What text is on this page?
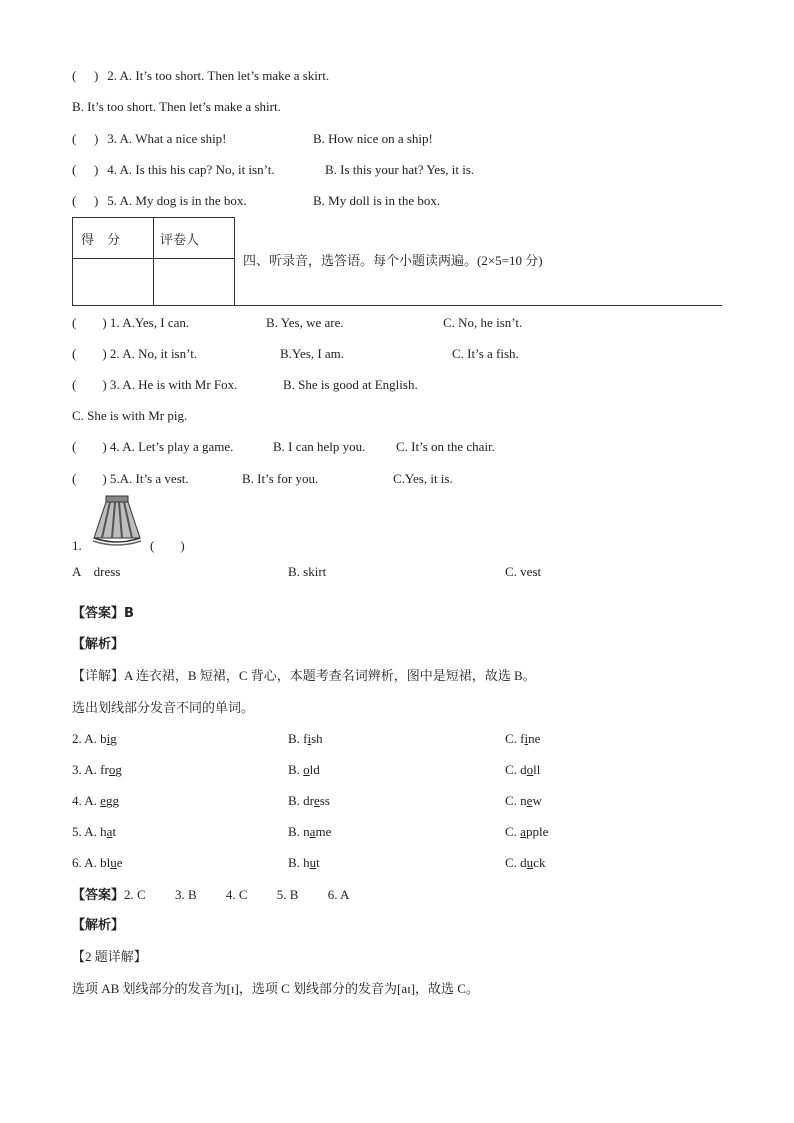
( ) 2. A. It’s too short. Then let’s make a skirt.
B. It’s too short. Then let’s make a shirt.
( ) 3. A. What a nice ship!	B. How nice on a ship!
( ) 4. A. Is this his cap? No, it isn’t.	B. Is this your hat? Yes, it is.
( ) 5. A. My dog is in the box.	B. My doll is in the box.
得　分	评卷人

四、听录音，选答语。每个小题读两遍。(2×5=10 分)
(　　) 1. A.Yes, I can.	B. Yes, we are.	C. No, he isn’t.
(　　) 2. A. No, it isn’t.	B.Yes, I am.	C. It’s a fish.
(　　) 3. A. He is with Mr Fox.	B. She is good at English.
C. She is with Mr pig.
(　　) 4. A. Let’s play a game.	B. I can help you. C. It’s on the chair.
(　　) 5.A. It’s a vest.	B. It’s for you.	C.Yes, it is.
1.	(　　)
A　dress	B. skirt	C. vest
【答案】B
【解析】
【详解】A 连衣裙，B 短裙，C 背心，本题考查名词辨析，图中是短裙，故选 B。
选出划线部分发音不同的单词。
2. A. big	B. fish	C. fine
3. A. frog	B. old	C. doll
4. A. egg	B. dress	C. new
5. A. hat	B. name	C. apple
6. A. blue	B. hut	C. duck
【答案】2. C 3. B 4. C 5. B 6. A
【解析】
【2 题详解】
选项 AB 划线部分的发音为[ɪ]，选项 C 划线部分的发音为[aɪ]，故选 C。
